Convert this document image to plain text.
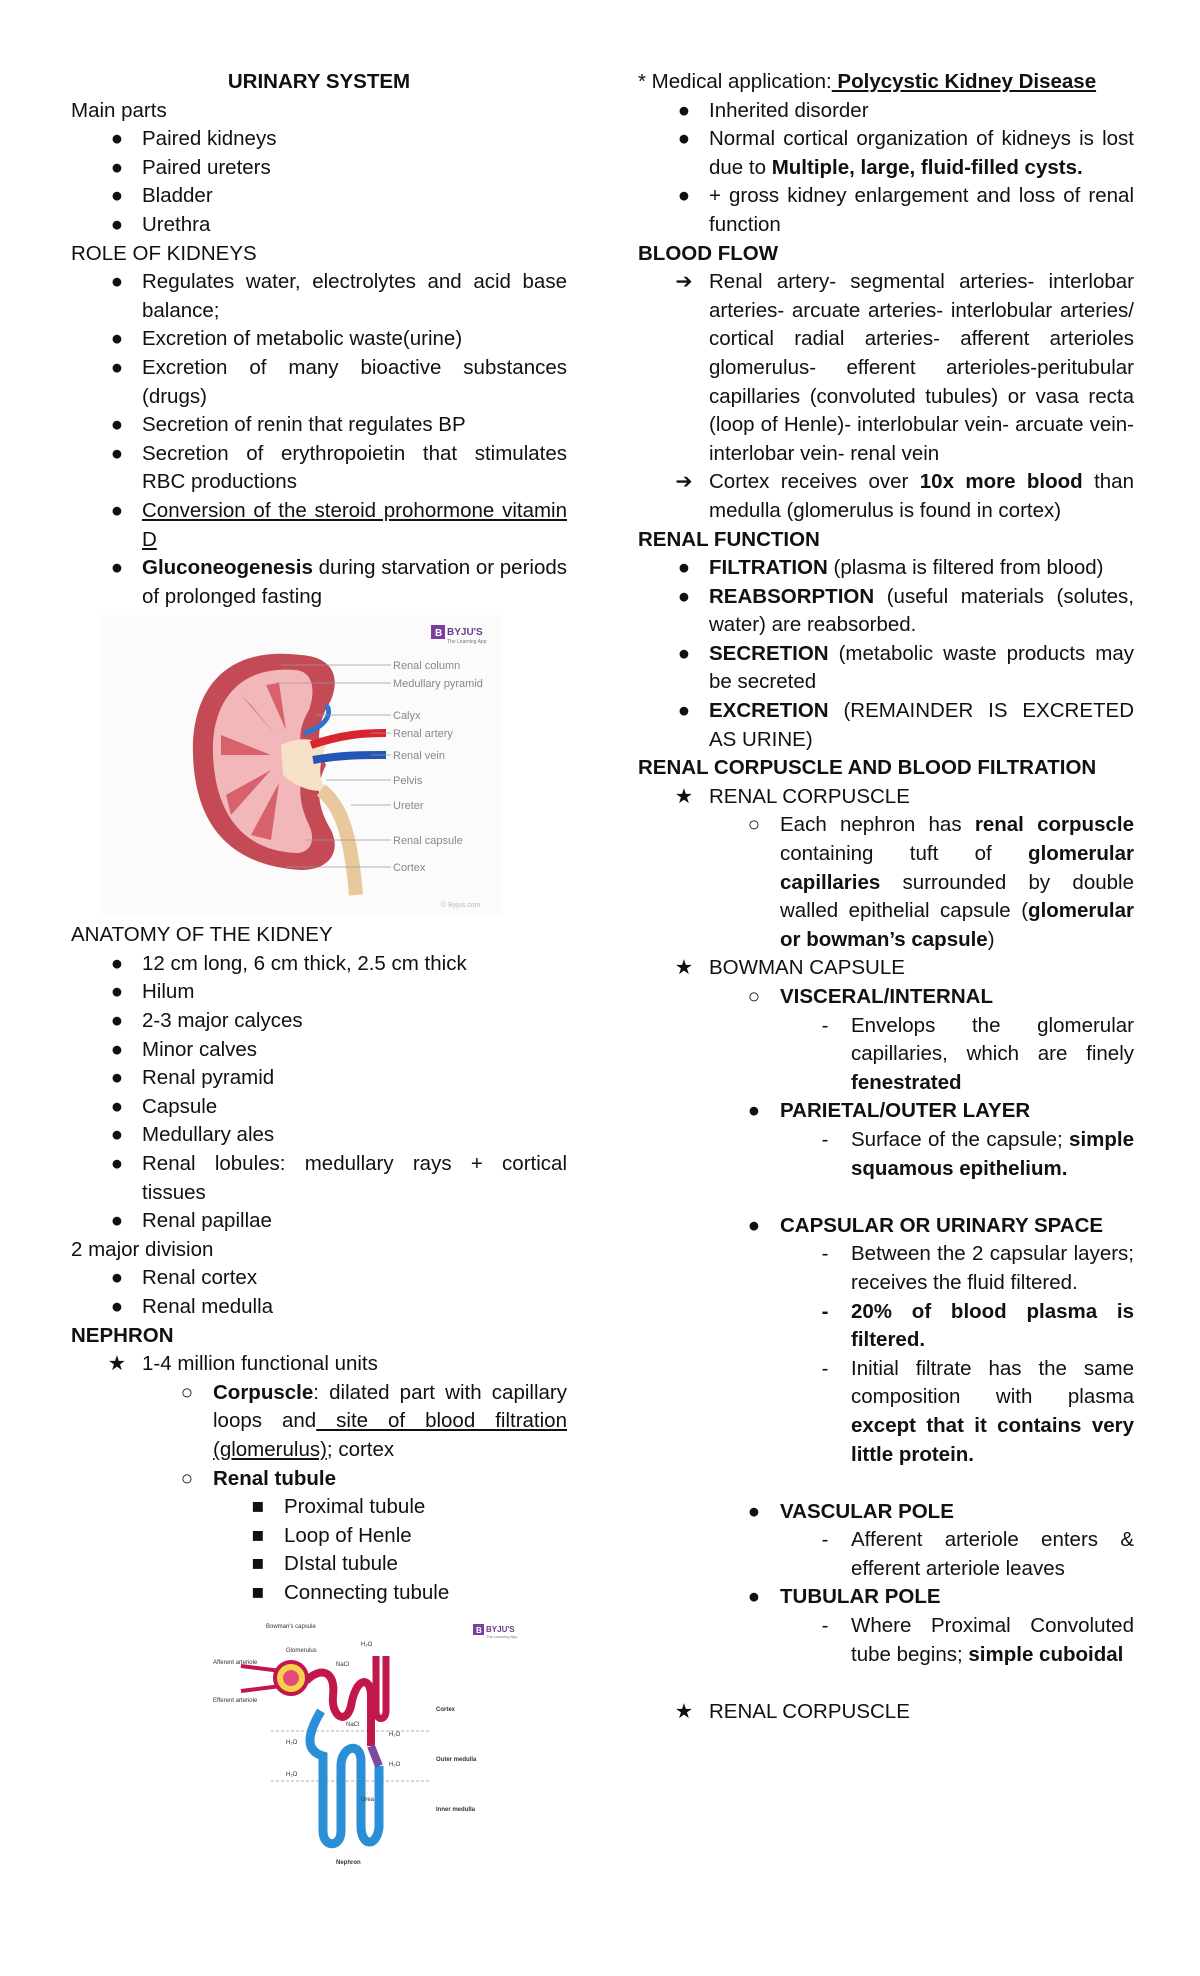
URINARY SYSTEM
Main parts
● Paired kidneys
● Paired ureters
● Bladder
● Urethra
ROLE OF KIDNEYS
● Regulates water, electrolytes and acid base balance;
● Excretion of metabolic waste(urine)
● Excretion of many bioactive substances (drugs)
● Secretion of renin that regulates BP
● Secretion of erythropoietin that stimulates RBC productions
● Conversion of the steroid prohormone vitamin D
● Gluconeogenesis during starvation or periods of prolonged fasting
B BYJU'S
The Learning App
Renal column
Medullary pyramid
Calyx
Renal artery
Renal vein
Pelvis
Ureter
Renal capsule
Cortex
© Byjus.com
ANATOMY OF THE KIDNEY
● 12 cm long, 6 cm thick, 2.5 cm thick
● Hilum
● 2-3 major calyces
● Minor calves
● Renal pyramid
● Capsule
● Medullary ales
● Renal lobules: medullary rays + cortical tissues
● Renal papillae
2 major division
● Renal cortex
● Renal medulla
NEPHRON
★ 1-4 million functional units
○ Corpuscle: dilated part with capillary loops and site of blood filtration (glomerulus); cortex
○ Renal tubule
■ Proximal tubule
■ Loop of Henle
■ DIstal tubule
■ Connecting tubule
B BYJU'S
The Learning App
Bowman's capsule
Glomerulus
Afferent arteriole
Efferent arteriole
Cortex
Outer medulla
Inner medulla
Nephron
H₂O
NaCl
H₂O
H₂O
H₂O
NaCl
H₂O
Urea
* Medical application: Polycystic Kidney Disease
● Inherited disorder
● Normal cortical organization of kidneys is lost due to Multiple, large, fluid-filled cysts.
● + gross kidney enlargement and loss of renal function
BLOOD FLOW
➔ Renal artery- segmental arteries- interlobar arteries- arcuate arteries- interlobular arteries/ cortical radial arteries- afferent arterioles glomerulus- efferent arterioles-peritubular capillaries (convoluted tubules) or vasa recta (loop of Henle)- interlobular vein- arcuate vein- interlobar vein- renal vein
➔ Cortex receives over 10x more blood than medulla (glomerulus is found in cortex)
RENAL FUNCTION
● FILTRATION (plasma is filtered from blood)
● REABSORPTION (useful materials (solutes, water) are reabsorbed.
● SECRETION (metabolic waste products may be secreted
● EXCRETION (REMAINDER IS EXCRETED AS URINE)
RENAL CORPUSCLE AND BLOOD FILTRATION
★ RENAL CORPUSCLE
○ Each nephron has renal corpuscle containing tuft of glomerular capillaries surrounded by double walled epithelial capsule (glomerular or bowman’s capsule)
★ BOWMAN CAPSULE
○ VISCERAL/INTERNAL
-	Envelops the glomerular capillaries, which are finely fenestrated
● PARIETAL/OUTER LAYER
-	Surface of the capsule; simple squamous epithelium.
● CAPSULAR OR URINARY SPACE
-	Between the 2 capsular layers; receives the fluid filtered.
-	20% of blood plasma is filtered.
-	Initial filtrate has the same composition with plasma except that it contains very little protein.
● VASCULAR POLE
-	Afferent arteriole enters & efferent arteriole leaves
● TUBULAR POLE
-	Where Proximal Convoluted tube begins; simple cuboidal
★ RENAL CORPUSCLE
